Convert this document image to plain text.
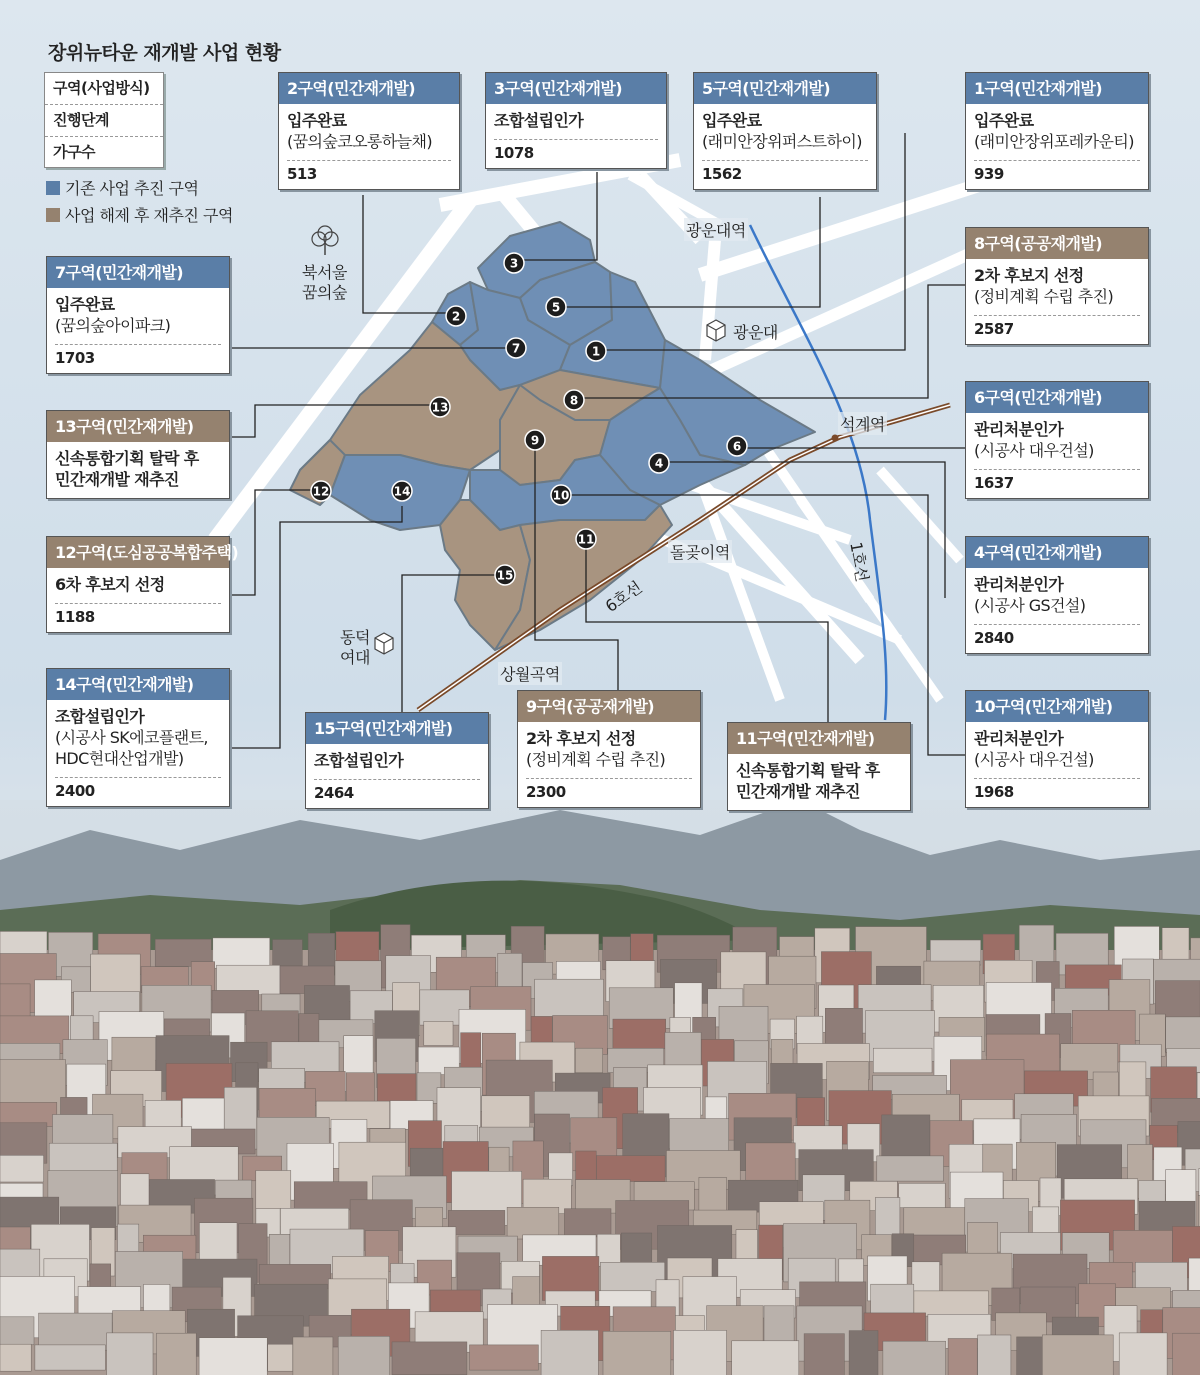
1
2
3
4
5
6
7
8
9
10
11
12
13
14
15
북서울
꿈의숲
광운대
광운대역
석계역
돌곶이역
상월곡역
동덕
여대
1호선
6호선
장위뉴타운 재개발 사업 현황
구역(사업방식)
진행단계
가구수
기존 사업 추진 구역
사업 해제 후 재추진 구역
2구역(민간재개발)
입주완료
(꿈의숲코오롱하늘채)
513
3구역(민간재개발)
조합설립인가
1078
5구역(민간재개발)
입주완료
(래미안장위퍼스트하이)
1562
1구역(민간재개발)
입주완료
(래미안장위포레카운티)
939
8구역(공공재개발)
2차 후보지 선정
(정비계획 수립 추진)
2587
6구역(민간재개발)
관리처분인가
(시공사 대우건설)
1637
4구역(민간재개발)
관리처분인가
(시공사 GS건설)
2840
10구역(민간재개발)
관리처분인가
(시공사 대우건설)
1968
7구역(민간재개발)
입주완료
(꿈의숲아이파크)
1703
13구역(민간재개발)
신속통합기획 탈락 후
민간재개발 재추진
12구역(도심공공복합주택)
6차 후보지 선정
1188
14구역(민간재개발)
조합설립인가
(시공사 SK에코플랜트,
HDC현대산업개발)
2400
15구역(민간재개발)
조합설립인가
2464
9구역(공공재개발)
2차 후보지 선정
(정비계획 수립 추진)
2300
11구역(민간재개발)
신속통합기획 탈락 후
민간재개발 재추진
